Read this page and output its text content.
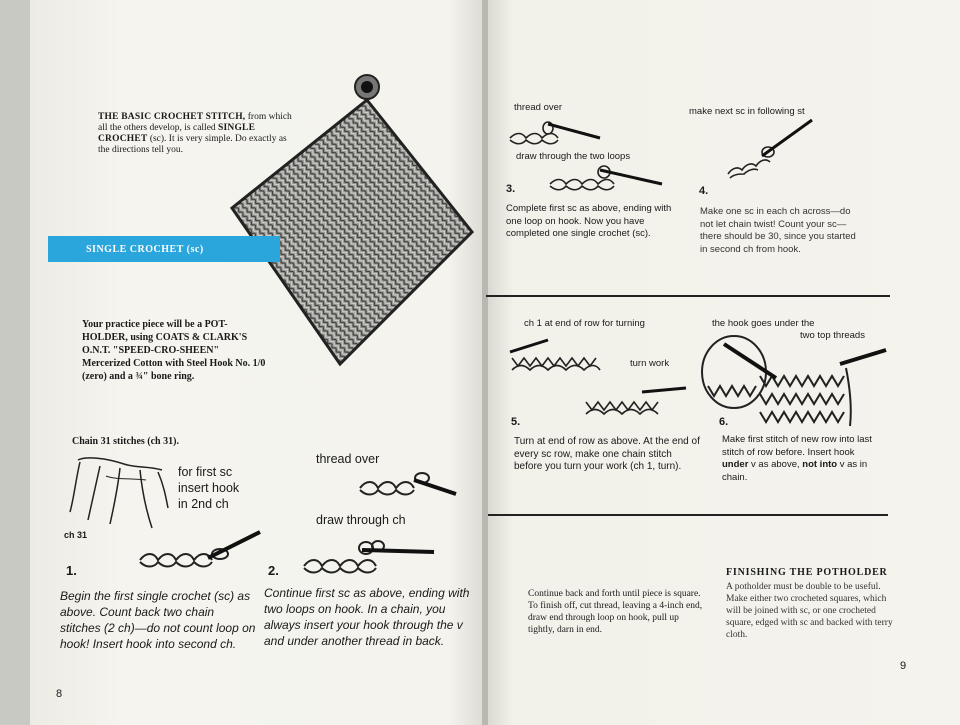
THE BASIC CROCHET STITCH, from which all the others develop, is called SINGLE CROCHET (sc). It is very simple. Do exactly as the directions tell you.
SINGLE CROCHET (sc)
Your practice piece will be a POT-HOLDER, using COATS & CLARK'S O.N.T. "SPEED-CRO-SHEEN" Mercerized Cotton with Steel Hook No. 1/0 (zero) and a ¾" bone ring.
Chain 31 stitches (ch 31).
for first sc
insert hook
in 2nd ch
ch 31
1.
Begin the first single crochet (sc) as above. Count back two chain stitches (2 ch)—do not count loop on hook! Insert hook into second ch.
thread over
draw through ch
2.
Continue first sc as above, ending with two loops on hook. In a chain, you always insert your hook through the v and under another thread in back.
8
thread over
draw through the two loops
3.
Complete first sc as above, ending with one loop on hook. Now you have completed one single crochet (sc).
make next sc in following st
4.
Make one sc in each ch across—do not let chain twist! Count your sc—there should be 30, since you started in second ch from hook.
ch 1 at end of row for turning
turn work
5.
Turn at end of row as above. At the end of every sc row, make one chain stitch before you turn your work (ch 1, turn).
the hook goes under the
two top threads
6.
Make first stitch of new row into last stitch of row before. Insert hook under v as above, not into v as in chain.
Continue back and forth until piece is square. To finish off, cut thread, leaving a 4-inch end, draw end through loop on hook, pull up tightly, darn in end.
FINISHING THE POTHOLDER
A potholder must be double to be useful. Make either two crocheted squares, which will be joined with sc, or one crocheted square, edged with sc and backed with terry cloth.
9
